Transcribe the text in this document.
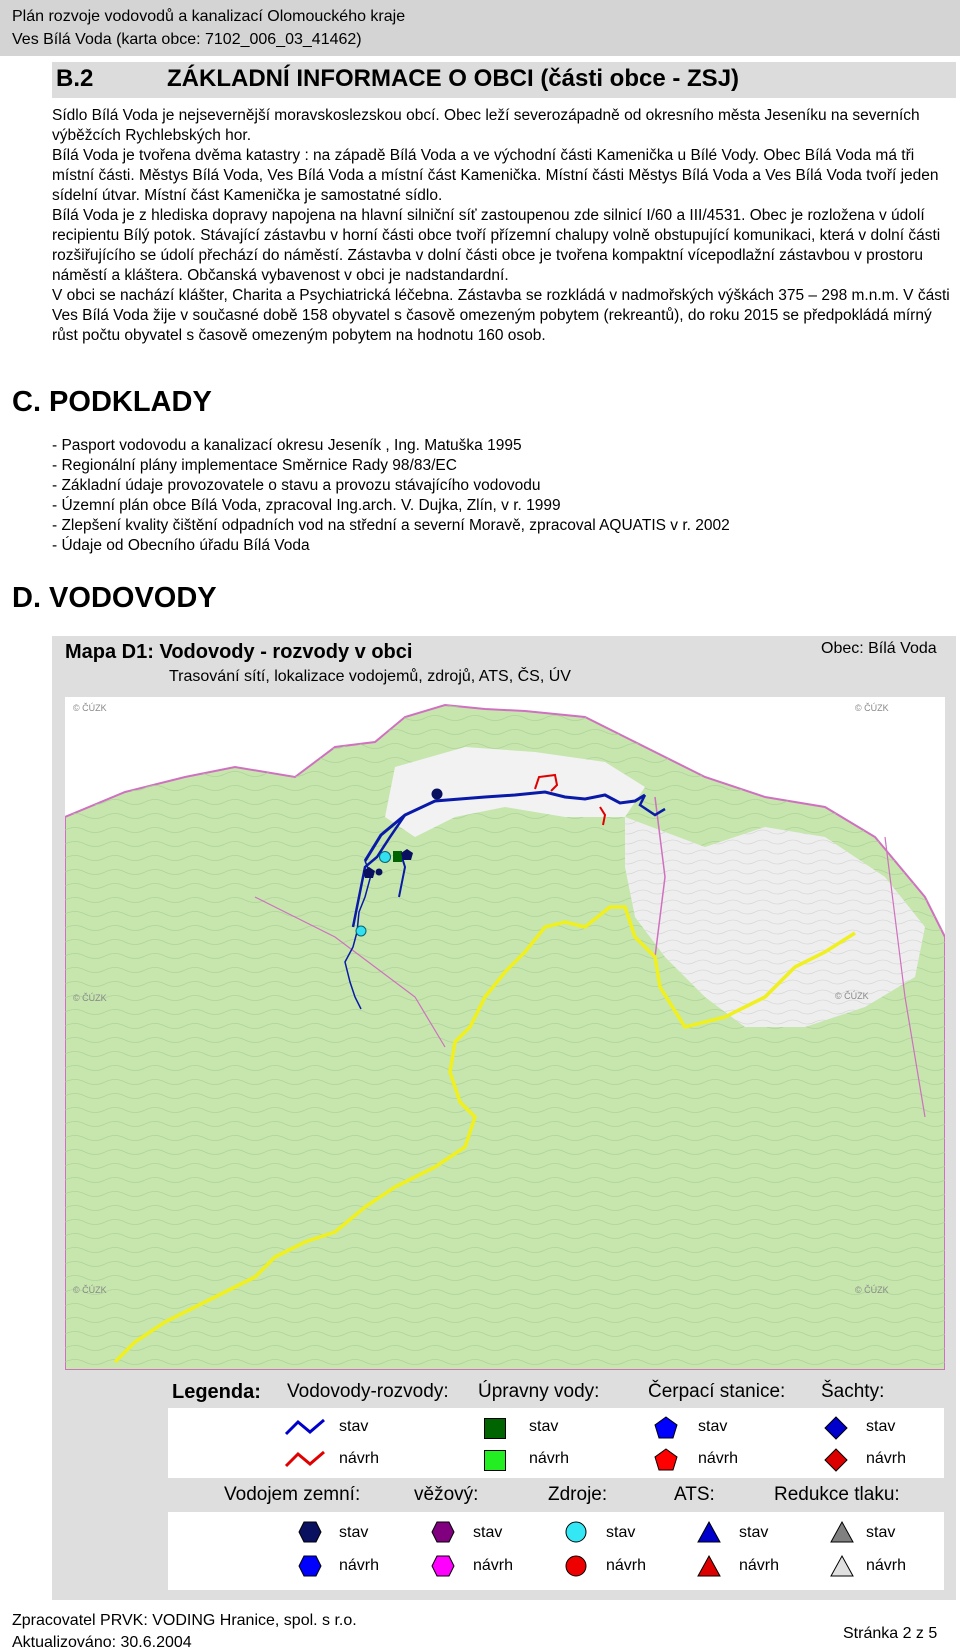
Plán rozvoje vodovodů a kanalizací Olomouckého kraje
Ves Bílá Voda (karta obce: 7102_006_03_41462)
B.2	ZÁKLADNÍ INFORMACE O OBCI (části obce - ZSJ)

Sídlo Bílá Voda je nejsevernější moravskoslezskou obcí. Obec leží severozápadně od okresního města Jeseníku na severních výběžcích Rychlebských hor.

Bílá Voda je tvořena dvěma katastry : na západě Bílá Voda a ve východní části Kamenička u Bílé Vody. Obec Bílá Voda má tři místní části. Městys Bílá Voda, Ves Bílá Voda a místní část Kamenička. Místní části Městys Bílá Voda a Ves Bílá Voda tvoří jeden sídelní útvar. Místní část Kamenička je samostatné sídlo.

Bílá Voda je z hlediska dopravy napojena na hlavní silniční síť zastoupenou zde silnicí I/60 a III/4531. Obec je rozložena v údolí recipientu Bílý potok. Stávající zástavbu v horní části obce tvoří přízemní chalupy volně obstupující komunikaci, která v dolní části rozšiřujícího se údolí přechází do náměstí. Zástavba v dolní části obce je tvořena kompaktní vícepodlažní zástavbou v prostoru náměstí a kláštera. Občanská vybavenost v obci je nadstandardní.

V obci se nachází klášter, Charita a Psychiatrická léčebna. Zástavba se rozkládá v nadmořských výškách 375 – 298 m.n.m. V části Ves Bílá Voda žije v současné době 158 obyvatel s časově omezeným pobytem (rekreantů), do roku 2015 se předpokládá mírný růst počtu obyvatel s časově omezeným pobytem na hodnotu 160 osob.

C. PODKLADY
- Pasport vodovodu a kanalizací okresu Jeseník , Ing. Matuška 1995
- Regionální plány implementace Směrnice Rady 98/83/EC
- Základní údaje provozovatele o stavu a provozu stávajícího vodovodu
- Územní plán obce Bílá Voda, zpracoval Ing.arch. V. Dujka, Zlín, v r. 1999
- Zlepšení kvality čištění odpadních vod na střední a severní Moravě, zpracoval AQUATIS v r. 2002
- Údaje od Obecního úřadu Bílá Voda
D. VODOVODY
Mapa D1: Vodovody - rozvody v obci
Trasování sítí, lokalizace vodojemů, zdrojů, ATS, ČS, ÚV
Obec: Bílá Voda
© ČÚZK	© ČÚZK
© ČÚZK	© ČÚZK
© ČÚZK	© ČÚZK
Legenda: Vodovody-rozvody: Úpravny vody:	Čerpací stanice: Šachty:
stav
návrh
stav
návrh
stav
návrh
stav
návrh
Vodojem zemní:	věžový:	Zdroje:	ATS:	Redukce tlaku:
stav
návrh
stav
návrh
stav
návrh
stav
návrh
stav
návrh
Zpracovatel PRVK: VODING Hranice, spol. s r.o.
Aktualizováno: 30.6.2004
Stránka 2 z 5
